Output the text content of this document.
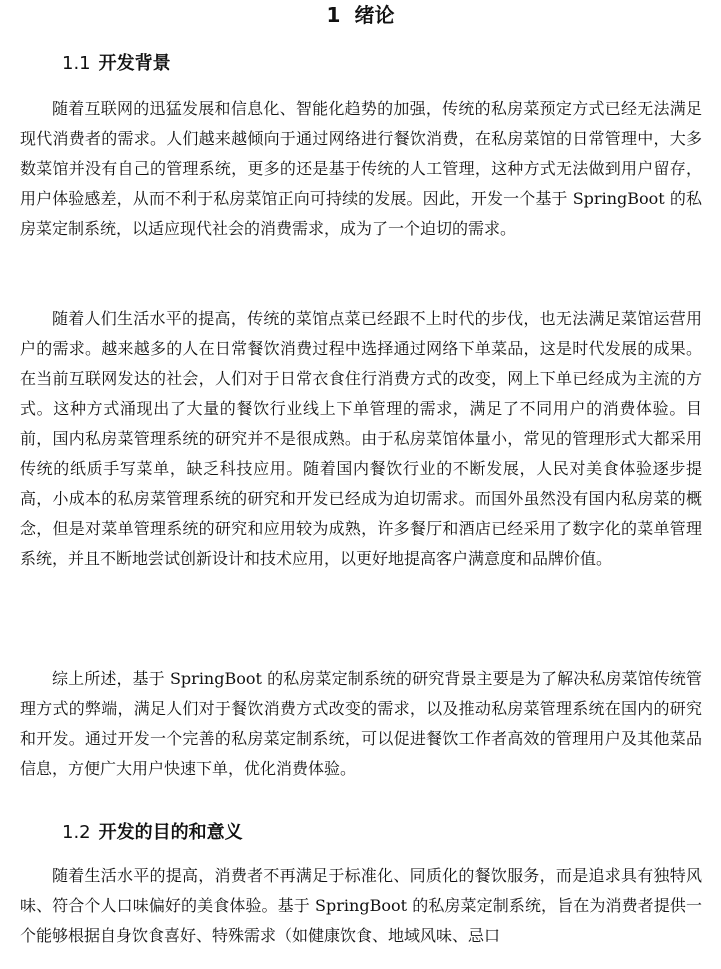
1 绪论
1.1 开发背景

随着互联网的迅猛发展和信息化、智能化趋势的加强，传统的私房菜预定方式已经无法满足现代消费者的需求。人们越来越倾向于通过网络进行餐饮消费，在私房菜馆的日常管理中，大多数菜馆并没有自己的管理系统，更多的还是基于传统的人工管理，这种方式无法做到用户留存，用户体验感差，从而不利于私房菜馆正向可持续的发展。因此，开发一个基于 SpringBoot 的私房菜定制系统，以适应现代社会的消费需求，成为了一个迫切的需求。

随着人们生活水平的提高，传统的菜馆点菜已经跟不上时代的步伐，也无法满足菜馆运营用户的需求。越来越多的人在日常餐饮消费过程中选择通过网络下单菜品，这是时代发展的成果。在当前互联网发达的社会，人们对于日常衣食住行消费方式的改变，网上下单已经成为主流的方式。这种方式涌现出了大量的餐饮行业线上下单管理的需求，满足了不同用户的消费体验。目前，国内私房菜管理系统的研究并不是很成熟。由于私房菜馆体量小，常见的管理形式大都采用传统的纸质手写菜单，缺乏科技应用。随着国内餐饮行业的不断发展，人民对美食体验逐步提高，小成本的私房菜管理系统的研究和开发已经成为迫切需求。而国外虽然没有国内私房菜的概念，但是对菜单管理系统的研究和应用较为成熟，许多餐厅和酒店已经采用了数字化的菜单管理系统，并且不断地尝试创新设计和技术应用，以更好地提高客户满意度和品牌价值。

综上所述，基于 SpringBoot 的私房菜定制系统的研究背景主要是为了解决私房菜馆传统管理方式的弊端，满足人们对于餐饮消费方式改变的需求，以及推动私房菜管理系统在国内的研究和开发。通过开发一个完善的私房菜定制系统，可以促进餐饮工作者高效的管理用户及其他菜品信息，方便广大用户快速下单，优化消费体验。

1.2 开发的目的和意义

随着生活水平的提高，消费者不再满足于标准化、同质化的餐饮服务，而是追求具有独特风味、符合个人口味偏好的美食体验。基于 SpringBoot 的私房菜定制系统，旨在为消费者提供一个能够根据自身饮食喜好、特殊需求（如健康饮食、地域风味、忌口
